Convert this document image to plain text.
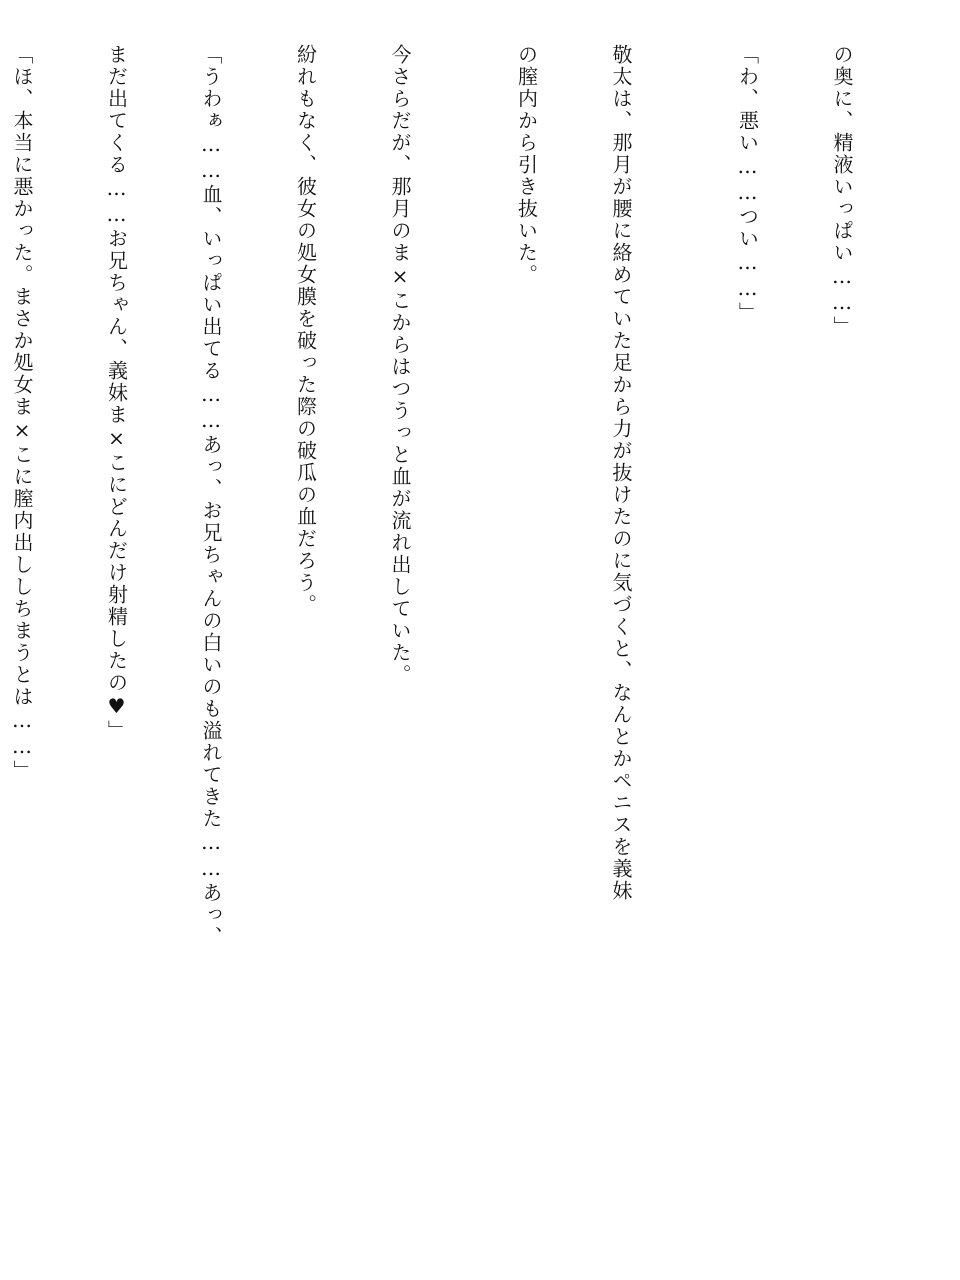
の奥に、精液いっぱい……」

「わ、悪い……つい……」

敬太は、那月が腰に絡めていた足から力が抜けたのに気づくと、なんとかペニスを義妹

の膣内から引き抜いた。

今さらだが、那月のま×こからはつうっと血が流れ出していた。

紛れもなく、彼女の処女膜を破った際の破瓜の血だろう。

「うわぁ……血、いっぱい出てる……あっ、お兄ちゃんの白いのも溢れてきた……あっ、

まだ出てくる……お兄ちゃん、義妹ま×こにどんだけ射精したの♥」

「ほ、本当に悪かった。まさか処女ま×こに膣内出ししちまうとは……」
